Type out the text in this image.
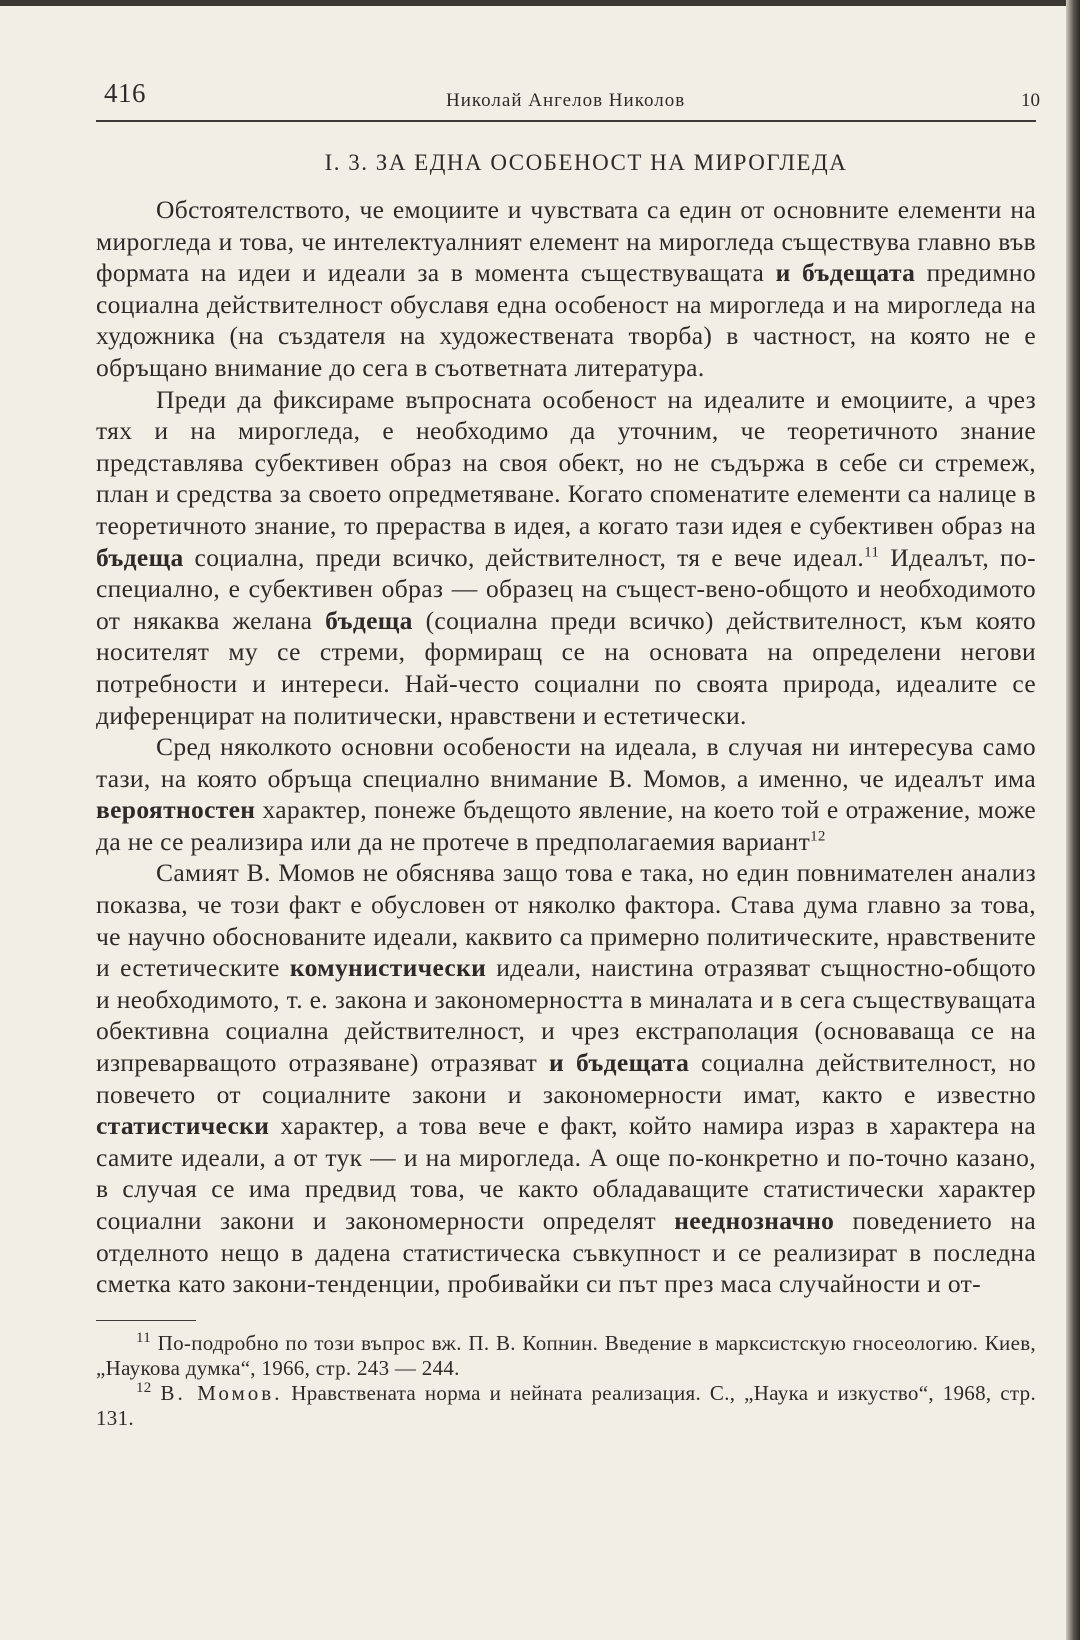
416	Николай Ангелов Николов	10
I. 3. ЗА ЕДНА ОСОБЕНОСТ НА МИРОГЛЕДА

Обстоятелството, че емоциите и чувствата са един от основните елементи на мирогледа и това, че интелектуалният елемент на мирогледа съществува главно във формата на идеи и идеали за в момента съществуващата и бъдещата предимно социална действителност обуславя една особеност на мирогледа и на мирогледа на художника (на създателя на художествената творба) в частност, на която не е обръщано внимание до сега в съответната литература.

Преди да фиксираме въпросната особеност на идеалите и емоциите, а чрез тях и на мирогледа, е необходимо да уточним, че теоретичното знание представлява субективен образ на своя обект, но не съдържа в себе си стремеж, план и средства за своето опредметяване. Когато споменатите елементи са налице в теоретичното знание, то прераства в идея, а когато тази идея е субективен образ на бъдеща социална, преди всичко, действителност, тя е вече идеал.$^{11}$ Идеалът, по-специално, е субективен образ — образец на същест-вено-общото и необходимото от някаква желана бъдеща (социална преди всичко) действителност, към която носителят му се стреми, формиращ се на основата на определени негови потребности и интереси. Най-често социални по своята природа, идеалите се диференцират на политически, нравствени и естетически.

Сред няколкото основни особености на идеала, в случая ни интересува само тази, на която обръща специално внимание В. Момов, а именно, че идеалът има вероятностен характер, понеже бъдещото явление, на което той е отражение, може да не се реализира или да не протече в предполагаемия вариант$^{12}$

Самият В. Момов не обяснява защо това е така, но един повнимателен анализ показва, че този факт е обусловен от няколко фактора. Става дума главно за това, че научно обоснованите идеали, каквито са примерно политическите, нравствените и естетическите комунистически идеали, наистина отразяват същностно-общото и необходимото, т. е. закона и закономерността в миналата и в сега съществуващата обективна социална действителност, и чрез екстраполация (основаваща се на изпреварващото отразяване) отразяват и бъдещата социална действителност, но повечето от социалните закони и закономерности имат, както е известно статистически характер, а това вече е факт, който намира израз в характера на самите идеали, а от тук — и на мирогледа. А още по-конкретно и по-точно казано, в случая се има предвид това, че както обладаващите статистически характер социални закони и закономерности определят нееднозначно поведението на отделното нещо в дадена статистическа съвкупност и се реализират в последна сметка като закони-тенденции, пробивайки си път през маса случайности и от-

$^{11}$ По-подробно по този въпрос вж. П. В. Копнин. Введение в марксистскую гносеологию. Киев, „Наукова думка“, 1966, стр. 243 — 244.

$^{12}$ В. Момов. Нравствената норма и нейната реализация. С., „Наука и изкуство“, 1968, стр. 131.
